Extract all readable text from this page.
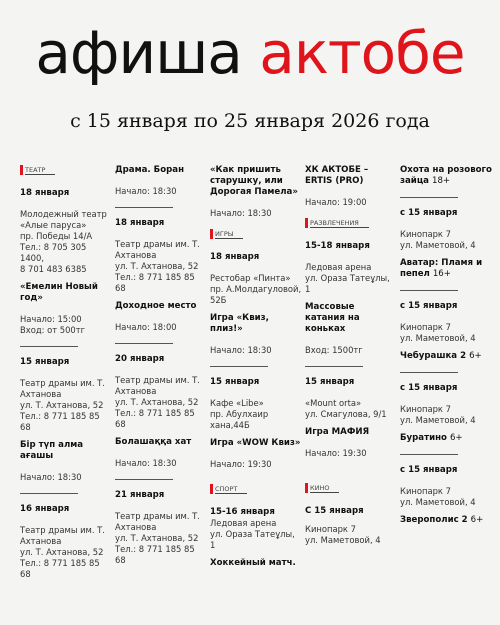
афиша актобе
с 15 января по 25 января 2026 года
ТЕАТР
18 января
Молодежный театр «Алые паруса»
пр. Победы 14/А
Тел.: 8 705 305 1400,
8 701 483 6385
«Емелин Новый год»
Начало: 15:00
Вход: от 500тг
15 января
Театр драмы им. Т. Ахтанова
ул. Т. Ахтанова, 52
Тел.: 8 771 185 85 68
Бір түп алма ағашы
Начало: 18:30
16 января
Театр драмы им. Т. Ахтанова
ул. Т. Ахтанова, 52
Тел.: 8 771 185 85 68
Драма. Боран
Начало: 18:30
18 января
Театр драмы им. Т. Ахтанова
ул. Т. Ахтанова, 52
Тел.: 8 771 185 85 68
Доходное место
Начало: 18:00
20 января
Театр драмы им. Т. Ахтанова
ул. Т. Ахтанова, 52
Тел.: 8 771 185 85 68
Болашаққа хат
Начало: 18:30
21 января
Театр драмы им. Т. Ахтанова
ул. Т. Ахтанова, 52
Тел.: 8 771 185 85 68
«Как пришить старушку, или Дорогая Памела»
Начало: 18:30
ИГРЫ
18 января
Рестобар «Пинта»
пр. А.Молдагуловой, 52Б
Игра «Квиз, плиз!»
Начало: 18:30
15 января
Кафе «Libe»
пр. Абулхаир хана,44Б
Игра «WOW Квиз»
Начало: 19:30
СПОРТ
15-16 января
Ледовая арена
ул. Ораза Татеұлы, 1
Хоккейный матч.
ХК АКТОБЕ – ERTIS (PRO)
Начало: 19:00
РАЗВЛЕЧЕНИЯ
15-18 января
Ледовая арена
ул. Ораза Татеұлы, 1
Массовые катания на коньках
Вход: 1500тг
15 января
«Mount orta»
ул. Смагулова, 9/1
Игра МАФИЯ
Начало: 19:30
КИНО
С 15 января
Кинопарк 7
ул. Маметовой, 4
Охота на розового зайца 18+
с 15 января
Кинопарк 7
ул. Маметовой, 4
Аватар: Пламя и пепел 16+
с 15 января
Кинопарк 7
ул. Маметовой, 4
Чебурашка 2 6+
с 15 января
Кинопарк 7
ул. Маметовой, 4
Буратино 6+
с 15 января
Кинопарк 7
ул. Маметовой, 4
Зверополис 2 6+
